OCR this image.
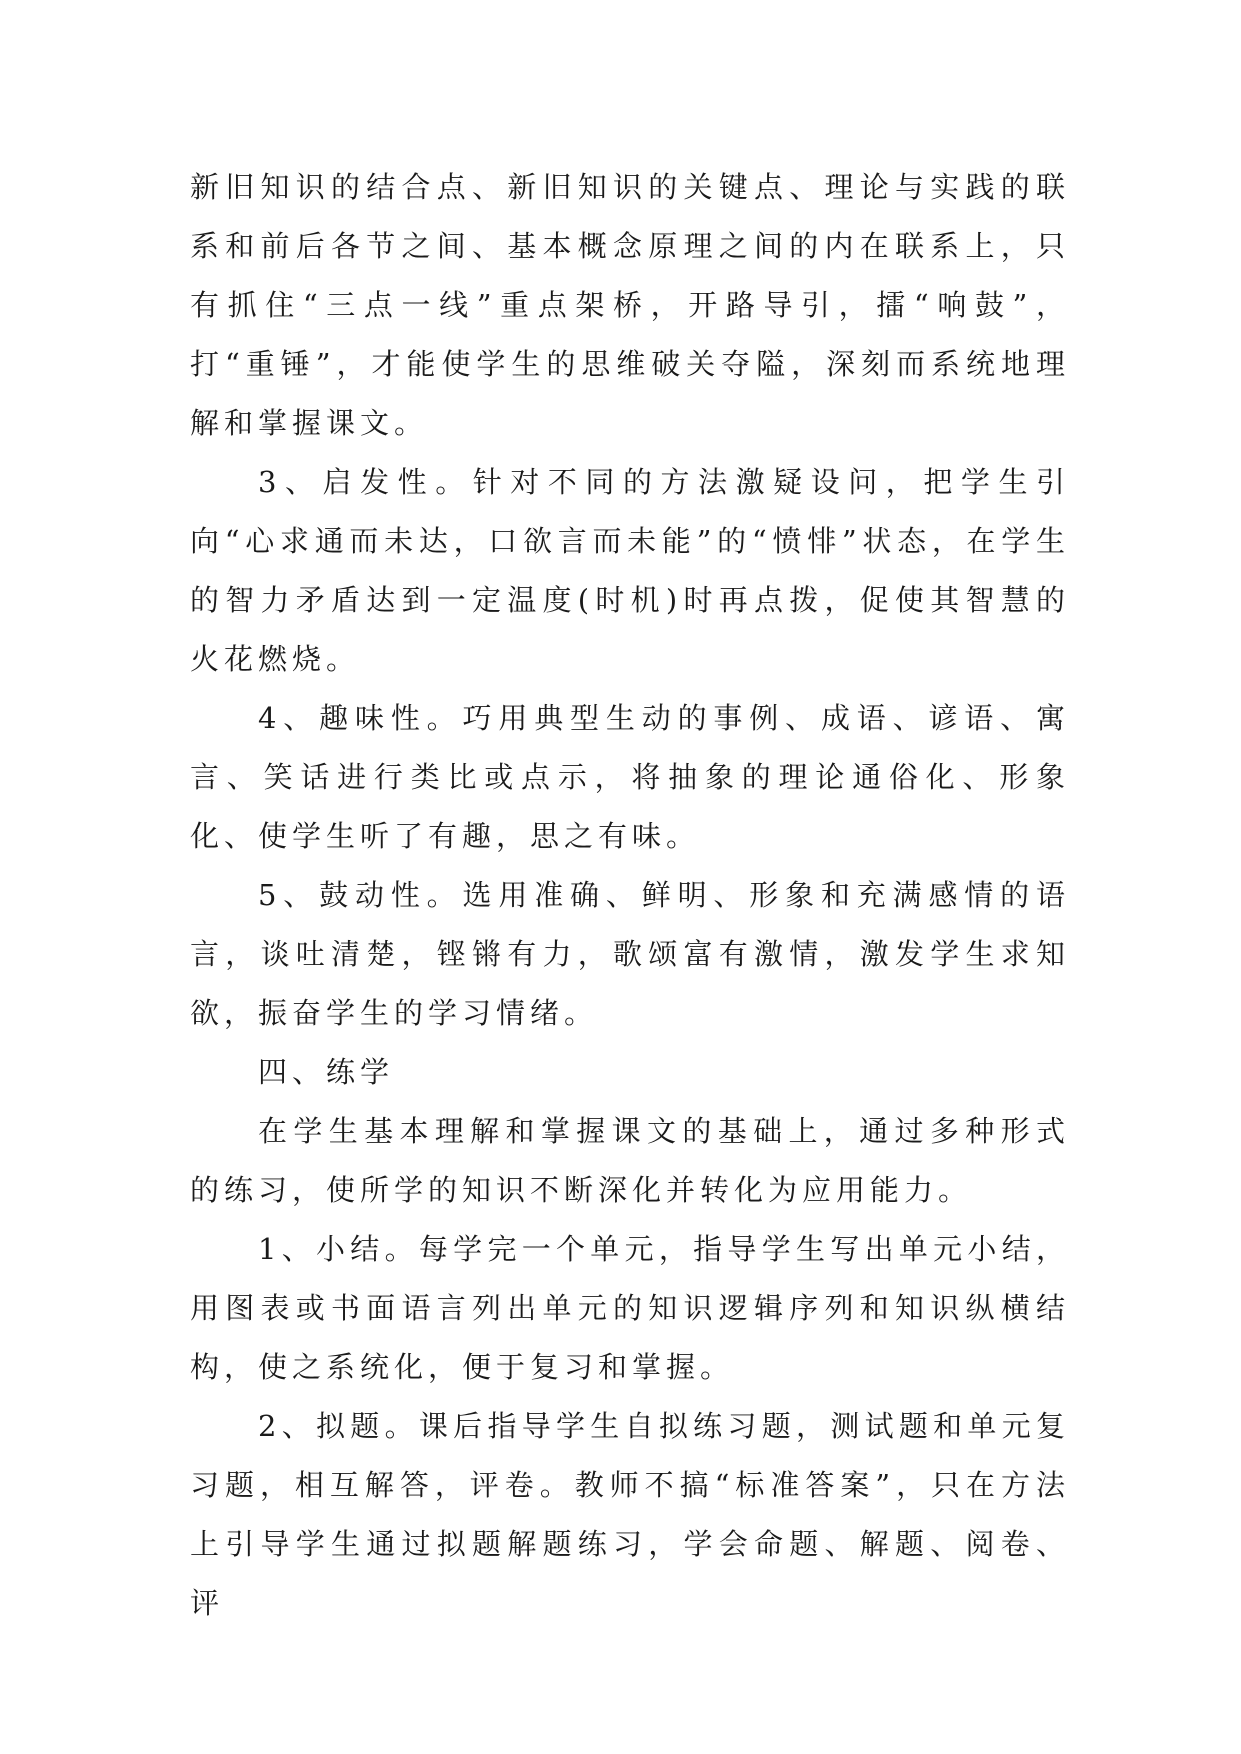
新旧知识的结合点、新旧知识的关键点、理论与实践的联系和前后各节之间、基本概念原理之间的内在联系上，只有抓住“三点一线”重点架桥，开路导引，擂“响鼓”，打“重锤”，才能使学生的思维破关夺隘，深刻而系统地理解和掌握课文。

3、启发性。针对不同的方法激疑设问，把学生引向“心求通而未达，口欲言而未能”的“愤悱”状态，在学生的智力矛盾达到一定温度(时机)时再点拨，促使其智慧的火花燃烧。

4、趣味性。巧用典型生动的事例、成语、谚语、寓言、笑话进行类比或点示，将抽象的理论通俗化、形象化、使学生听了有趣，思之有味。

5、鼓动性。选用准确、鲜明、形象和充满感情的语言，谈吐清楚，铿锵有力，歌颂富有激情，激发学生求知欲，振奋学生的学习情绪。

四、练学

在学生基本理解和掌握课文的基础上，通过多种形式的练习，使所学的知识不断深化并转化为应用能力。

1、小结。每学完一个单元，指导学生写出单元小结，用图表或书面语言列出单元的知识逻辑序列和知识纵横结构，使之系统化，便于复习和掌握。

2、拟题。课后指导学生自拟练习题，测试题和单元复习题，相互解答，评卷。教师不搞“标准答案”，只在方法上引导学生通过拟题解题练习，学会命题、解题、阅卷、评
